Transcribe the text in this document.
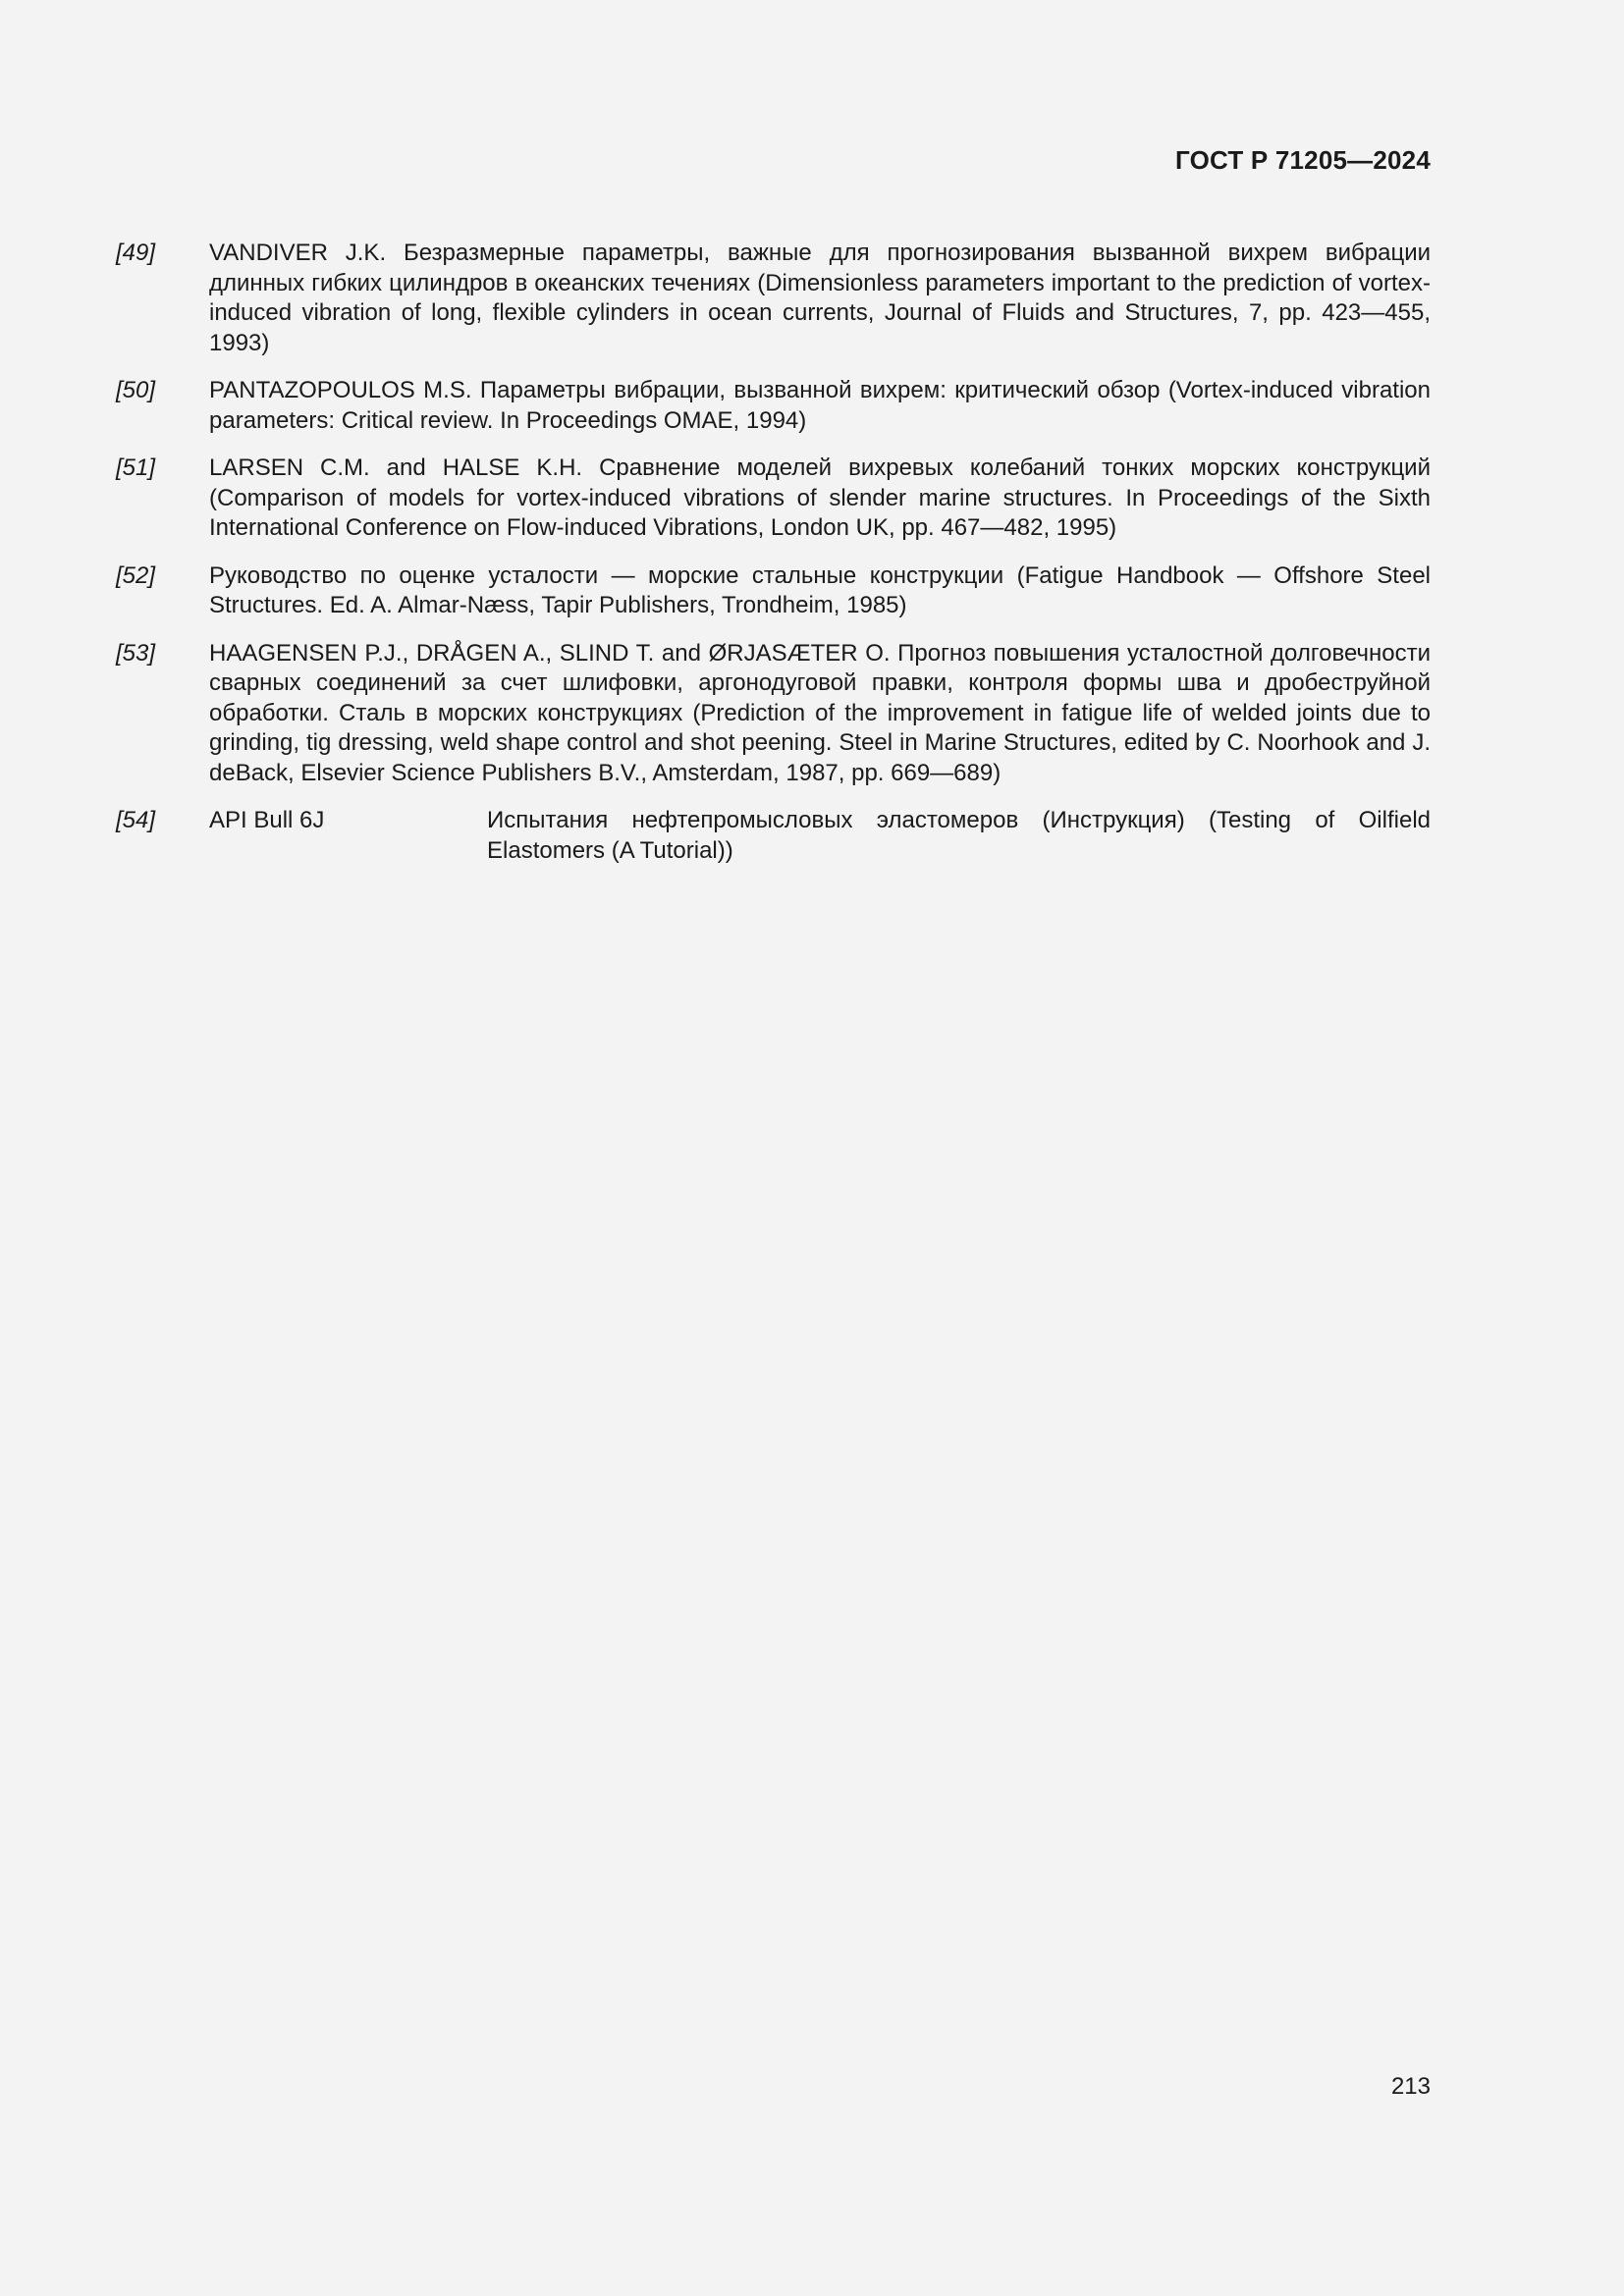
ГОСТ Р 71205—2024
[49]	VANDIVER J.K. Безразмерные параметры, важные для прогнозирования вызванной вихрем вибрации длинных гибких цилиндров в океанских течениях (Dimensionless parameters important to the prediction of vortex-induced vibration of long, flexible cylinders in ocean currents, Journal of Fluids and Structures, 7, pp. 423—455, 1993)
[50]	PANTAZOPOULOS M.S. Параметры вибрации, вызванной вихрем: критический обзор (Vortex-induced vibration parameters: Critical review. In Proceedings OMAE, 1994)
[51]	LARSEN C.M. and HALSE K.H. Сравнение моделей вихревых колебаний тонких морских конструкций (Comparison of models for vortex-induced vibrations of slender marine structures. In Proceedings of the Sixth International Conference on Flow-induced Vibrations, London UK, pp. 467—482, 1995)
[52]	Руководство по оценке усталости — морские стальные конструкции (Fatigue Handbook — Offshore Steel Structures. Ed. A. Almar-Næss, Tapir Publishers, Trondheim, 1985)
[53]	HAAGENSEN P.J., DRÅGEN A., SLIND T. and ØRJASÆTER O. Прогноз повышения усталостной долговечности сварных соединений за счет шлифовки, аргонодуговой правки, контроля формы шва и дробеструйной обработки. Сталь в морских конструкциях (Prediction of the improvement in fatigue life of welded joints due to grinding, tig dressing, weld shape control and shot peening. Steel in Marine Structures, edited by C. Noorhook and J. deBack, Elsevier Science Publishers B.V., Amsterdam, 1987, pp. 669—689)
[54]	API Bull 6J	Испытания нефтепромысловых эластомеров (Инструкция) (Testing of Oilfield Elastomers (A Tutorial))
213
